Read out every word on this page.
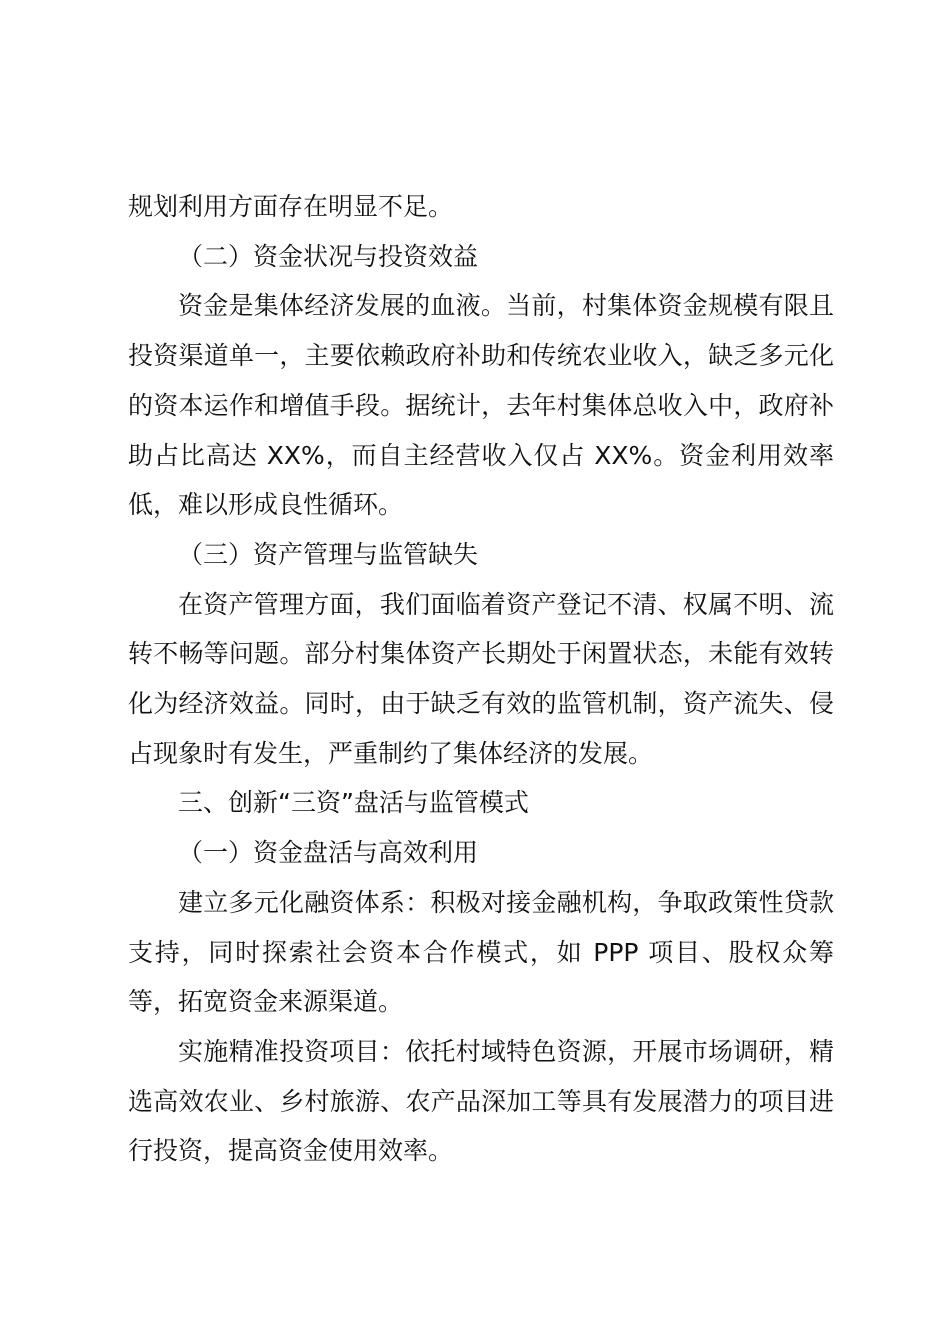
规划利用方面存在明显不足。

（二）资金状况与投资效益

资金是集体经济发展的血液。当前，村集体资金规模有限且投资渠道单一，主要依赖政府补助和传统农业收入，缺乏多元化的资本运作和增值手段。据统计，去年村集体总收入中，政府补助占比高达 XX%，而自主经营收入仅占 XX%。资金利用效率低，难以形成良性循环。

（三）资产管理与监管缺失

在资产管理方面，我们面临着资产登记不清、权属不明、流转不畅等问题。部分村集体资产长期处于闲置状态，未能有效转化为经济效益。同时，由于缺乏有效的监管机制，资产流失、侵占现象时有发生，严重制约了集体经济的发展。

三、创新“三资”盘活与监管模式

（一）资金盘活与高效利用

建立多元化融资体系：积极对接金融机构，争取政策性贷款支持，同时探索社会资本合作模式，如 PPP 项目、股权众筹等，拓宽资金来源渠道。

实施精准投资项目：依托村域特色资源，开展市场调研，精选高效农业、乡村旅游、农产品深加工等具有发展潜力的项目进行投资，提高资金使用效率。
